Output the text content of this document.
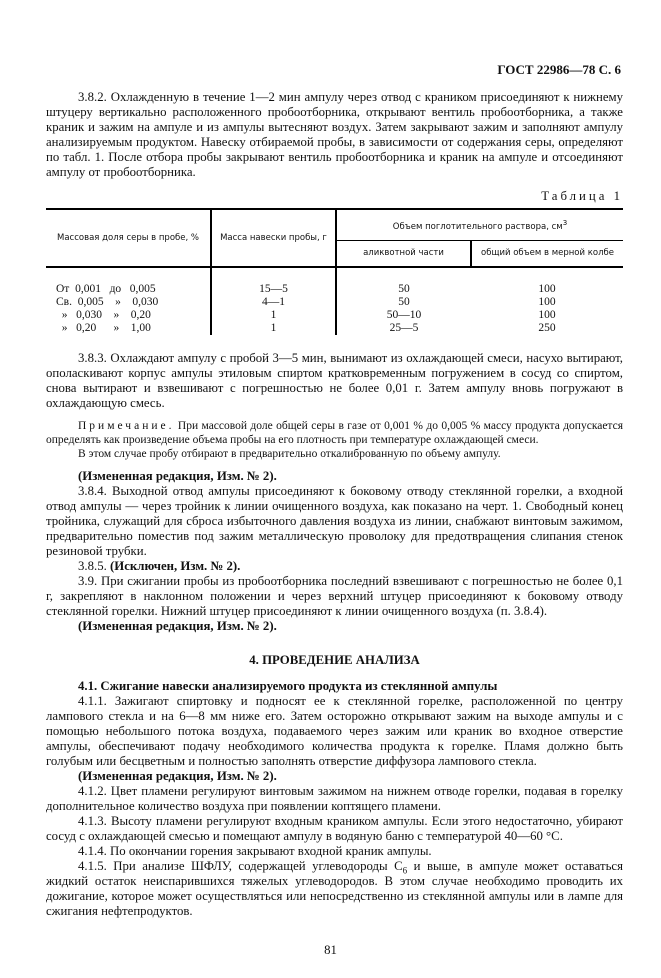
ГОСТ 22986—78 С. 6

3.8.2. Охлажденную в течение 1—2 мин ампулу через отвод с краником присоединяют к нижнему штуцеру вертикально расположенного пробоотборника, открывают вентиль пробоотборника, а также краник и зажим на ампуле и из ампулы вытесняют воздух. Затем закрывают зажим и заполняют ампулу анализируемым продуктом. Навеску отбираемой пробы, в зависимости от содержания серы, определяют по табл. 1. После отбора пробы закрывают вентиль пробоотборника и краник на ампуле и отсоединяют ампулу от пробоотборника.

Таблица 1
Массовая доля серы в пробе, %	Масса навески пробы, г	Объем поглотительного раствора, $см^3$
		аликвотной части	общий объем в мерной колбе

От  0,001   до   0,005	15—5	50	100
Св.  0,005    »    0,030	4—1	50	100
»   0,030    »    0,20	1	50—10	100
»   0,20      »    1,00	1	25—5	250

3.8.3. Охлаждают ампулу с пробой 3—5 мин, вынимают из охлаждающей смеси, насухо вытирают, ополаскивают корпус ампулы этиловым спиртом кратковременным погружением в сосуд со спиртом, снова вытирают и взвешивают с погрешностью не более 0,01 г. Затем ампулу вновь погружают в охлаждающую смесь.

Примечание. При массовой доле общей серы в газе от 0,001 % до 0,005 % массу продукта допускается определять как произведение объема пробы на его плотность при температуре охлаждающей смеси.

В этом случае пробу отбирают в предварительно откалиброванную по объему ампулу.

(Измененная редакция, Изм. № 2).

3.8.4. Выходной отвод ампулы присоединяют к боковому отводу стеклянной горелки, а входной отвод ампулы — через тройник к линии очищенного воздуха, как показано на черт. 1. Свободный конец тройника, служащий для сброса избыточного давления воздуха из линии, снабжают винтовым зажимом, предварительно поместив под зажим металлическую проволоку для предотвращения слипания стенок резиновой трубки.

3.8.5. (Исключен, Изм. № 2).

3.9. При сжигании пробы из пробоотборника последний взвешивают с погрешностью не более 0,1 г, закрепляют в наклонном положении и через верхний штуцер присоединяют к боковому отводу стеклянной горелки. Нижний штуцер присоединяют к линии очищенного воздуха (п. 3.8.4).

(Измененная редакция, Изм. № 2).

4. ПРОВЕДЕНИЕ АНАЛИЗА

4.1. Сжигание навески анализируемого продукта из стеклянной ампулы

4.1.1. Зажигают спиртовку и подносят ее к стеклянной горелке, расположенной по центру лампового стекла и на 6—8 мм ниже его. Затем осторожно открывают зажим на выходе ампулы и с помощью небольшого потока воздуха, подаваемого через зажим или краник во входное отверстие ампулы, обеспечивают подачу необходимого количества продукта к горелке. Пламя должно быть голубым или бесцветным и полностью заполнять отверстие диффузора лампового стекла.

(Измененная редакция, Изм. № 2).

4.1.2. Цвет пламени регулируют винтовым зажимом на нижнем отводе горелки, подавая в горелку дополнительное количество воздуха при появлении коптящего пламени.

4.1.3. Высоту пламени регулируют входным краником ампулы. Если этого недостаточно, убирают сосуд с охлаждающей смесью и помещают ампулу в водяную баню с температурой 40—60 °С.

4.1.4. По окончании горения закрывают входной краник ампулы.

4.1.5. При анализе ШФЛУ, содержащей углеводороды $С_6$ и выше, в ампуле может оставаться жидкий остаток неиспарившихся тяжелых углеводородов. В этом случае необходимо проводить их дожигание, которое может осуществляться или непосредственно из стеклянной ампулы или в лампе для сжигания нефтепродуктов.

81
